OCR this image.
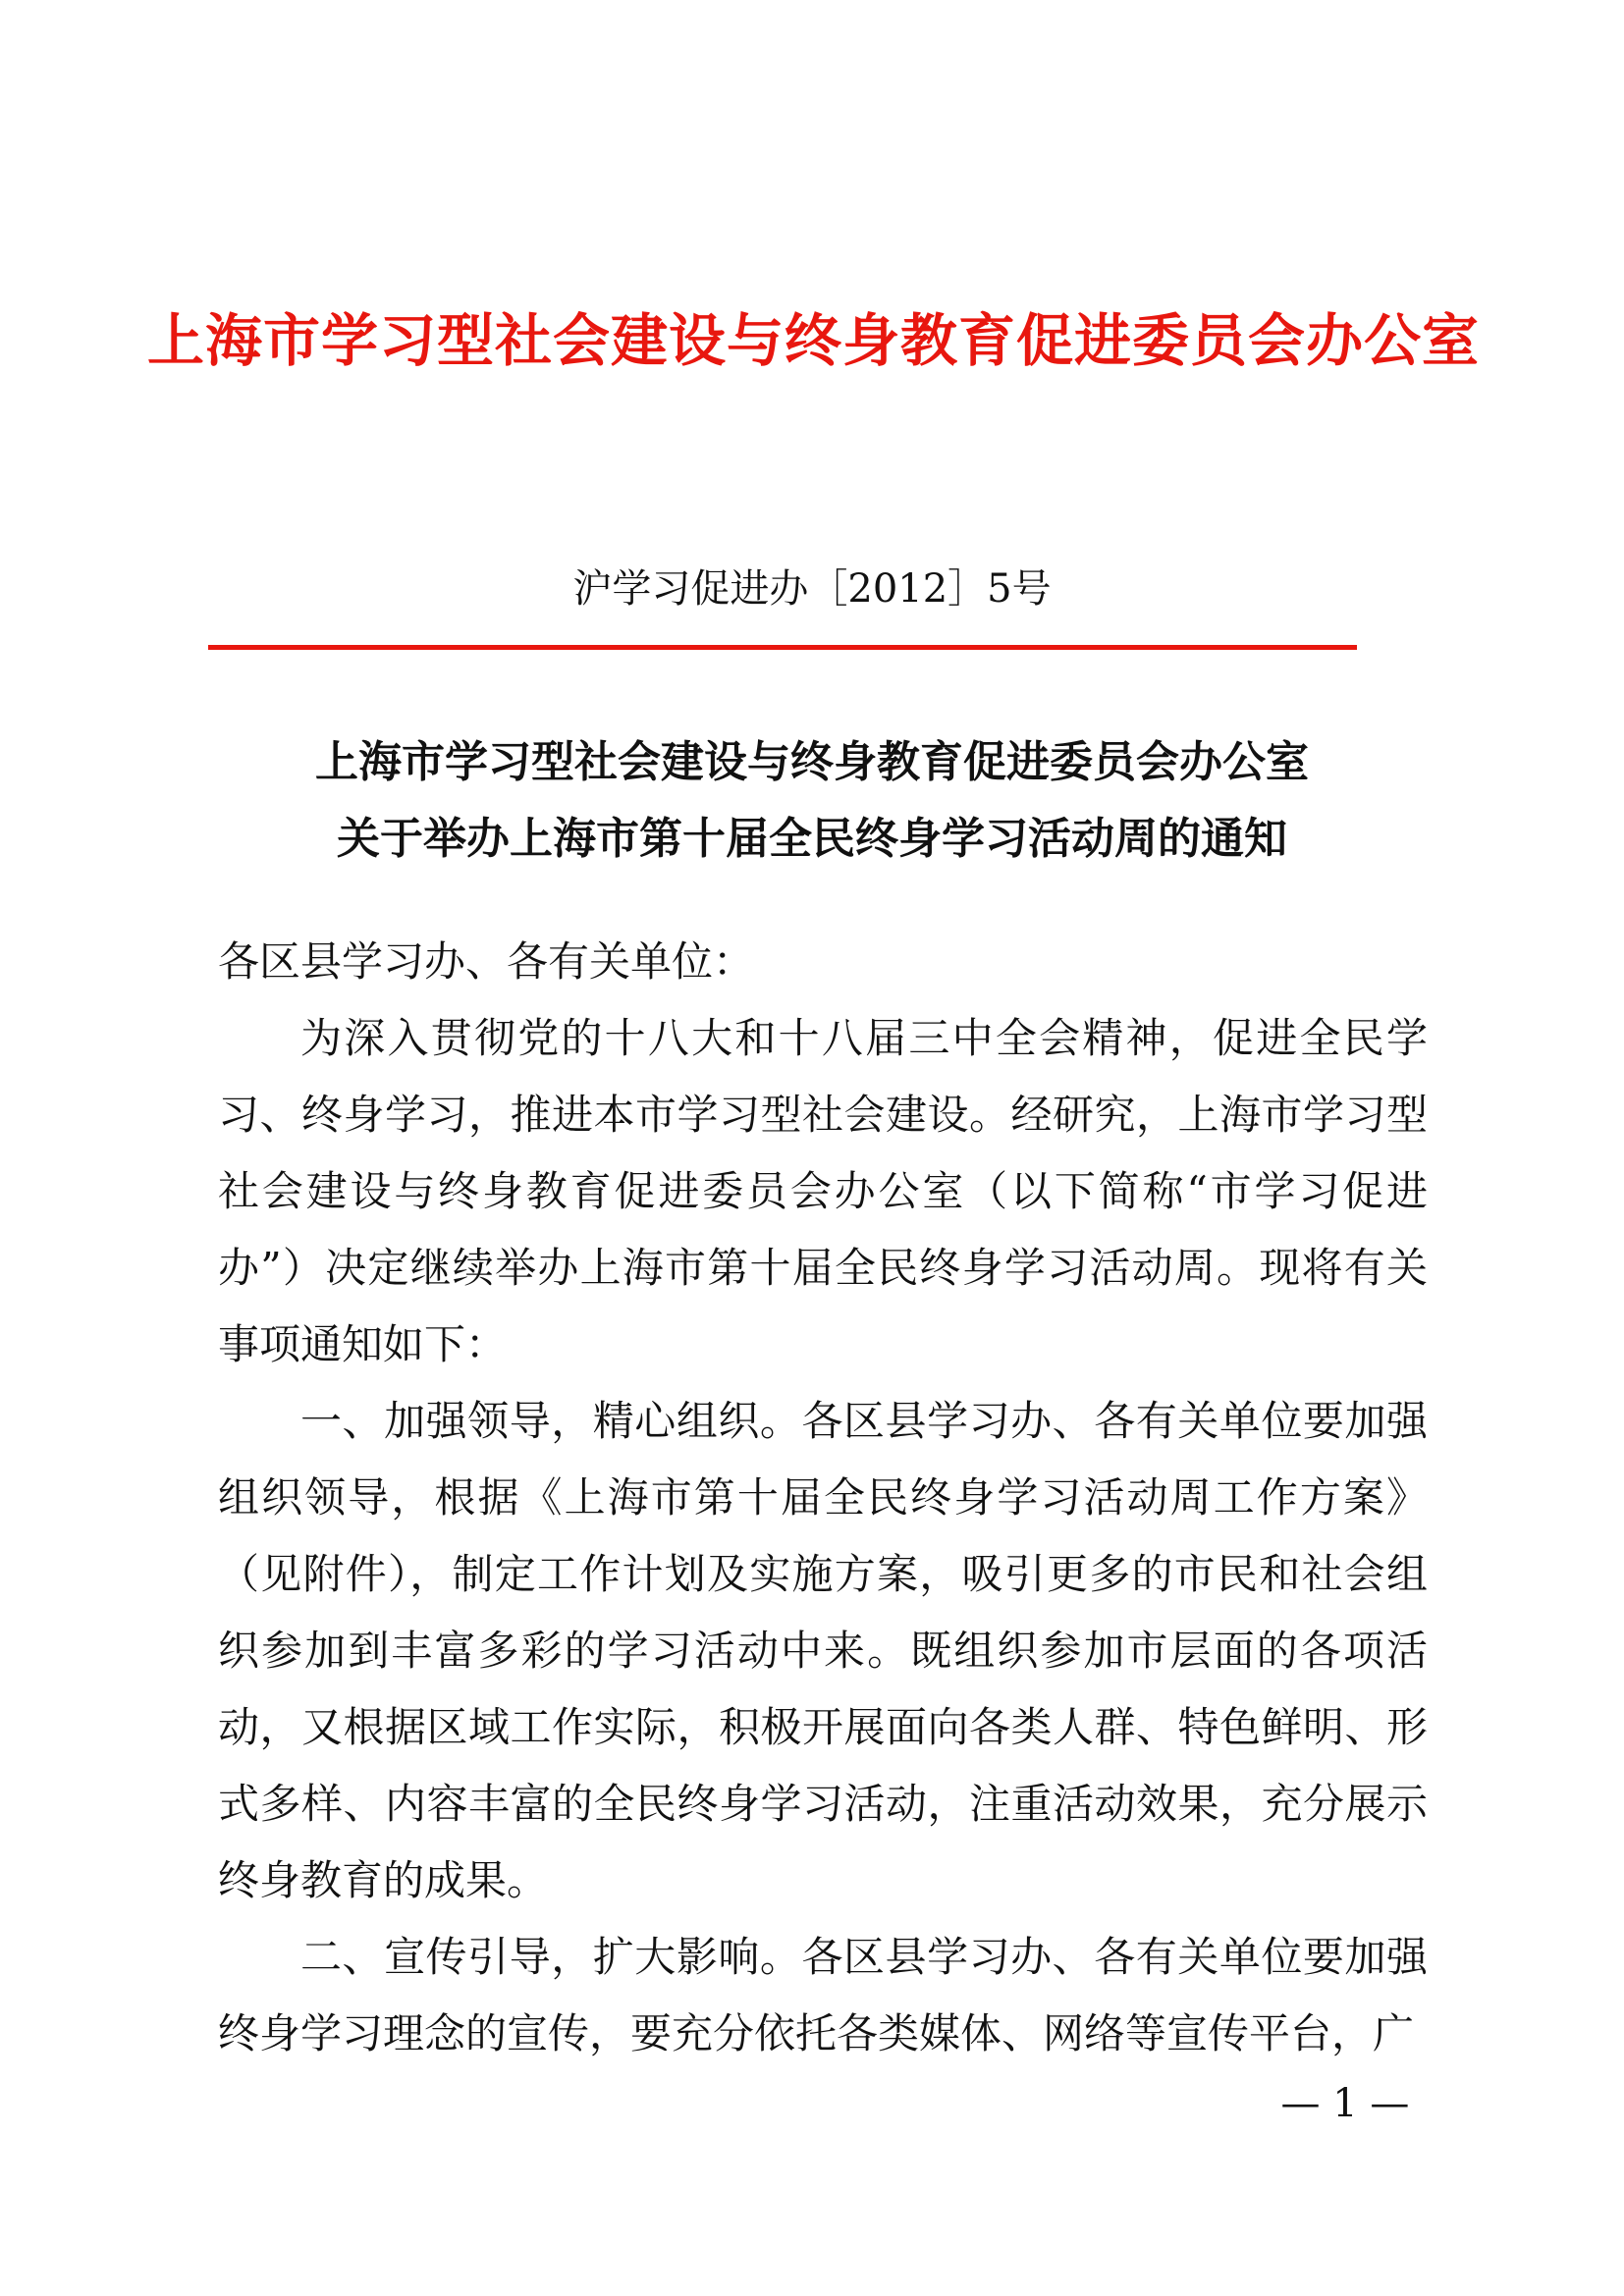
上海市学习型社会建设与终身教育促进委员会办公室
沪学习促进办［2012］5号
上海市学习型社会建设与终身教育促进委员会办公室
关于举办上海市第十届全民终身学习活动周的通知

各区县学习办、各有关单位：

为深入贯彻党的十八大和十八届三中全会精神，促进全民学习、终身学习，推进本市学习型社会建设。经研究，上海市学习型社会建设与终身教育促进委员会办公室（以下简称“市学习促进办”）决定继续举办上海市第十届全民终身学习活动周。现将有关事项通知如下：

一、加强领导，精心组织。各区县学习办、各有关单位要加强组织领导，根据《上海市第十届全民终身学习活动周工作方案》（见附件），制定工作计划及实施方案，吸引更多的市民和社会组织参加到丰富多彩的学习活动中来。既组织参加市层面的各项活动，又根据区域工作实际，积极开展面向各类人群、特色鲜明、形式多样、内容丰富的全民终身学习活动，注重活动效果，充分展示终身教育的成果。

二、宣传引导，扩大影响。各区县学习办、各有关单位要加强终身学习理念的宣传，要充分依托各类媒体、网络等宣传平台，广

— 1 —
